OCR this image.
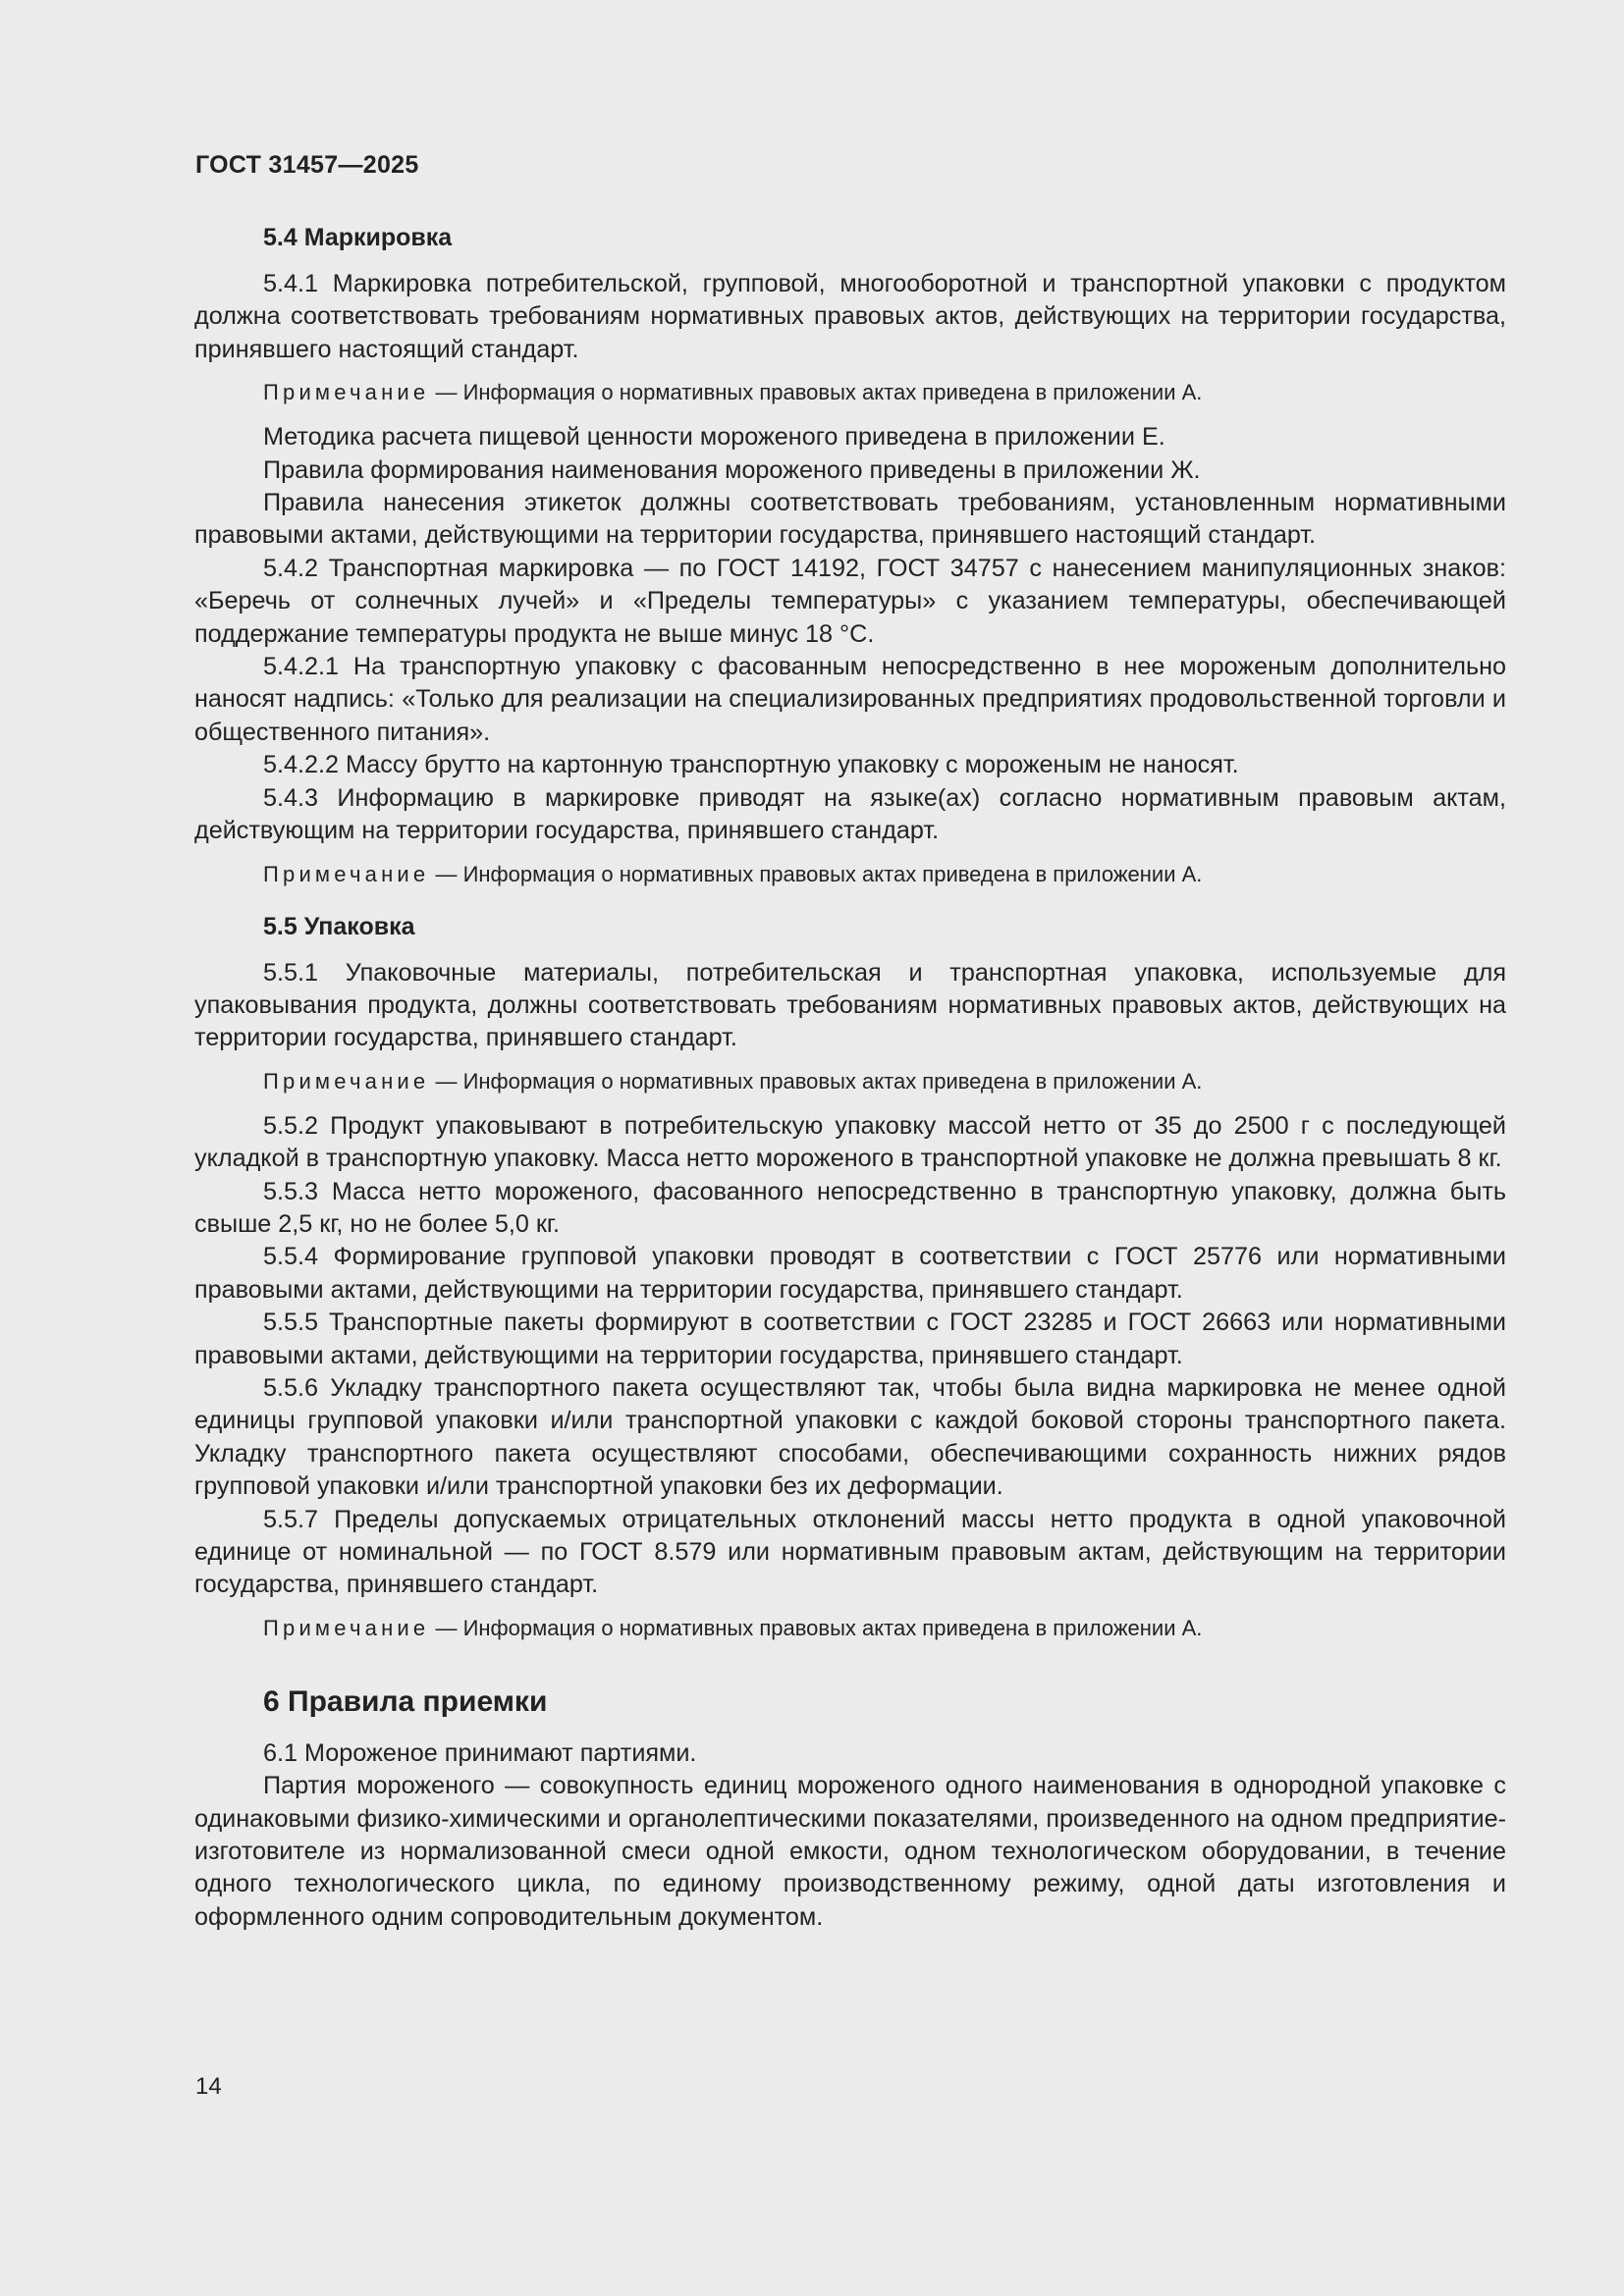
ГОСТ 31457—2025
5.4 Маркировка

5.4.1 Маркировка потребительской, групповой, многооборотной и транспортной упаковки с продуктом должна соответствовать требованиям нормативных правовых актов, действующих на территории государства, принявшего настоящий стандарт.

Примечание — Информация о нормативных правовых актах приведена в приложении А.

Методика расчета пищевой ценности мороженого приведена в приложении Е.

Правила формирования наименования мороженого приведены в приложении Ж.

Правила нанесения этикеток должны соответствовать требованиям, установленным нормативными правовыми актами, действующими на территории государства, принявшего настоящий стандарт.

5.4.2 Транспортная маркировка — по ГОСТ 14192, ГОСТ 34757 с нанесением манипуляционных знаков: «Беречь от солнечных лучей» и «Пределы температуры» с указанием температуры, обеспечивающей поддержание температуры продукта не выше минус 18 °С.

5.4.2.1 На транспортную упаковку с фасованным непосредственно в нее мороженым дополнительно наносят надпись: «Только для реализации на специализированных предприятиях продовольственной торговли и общественного питания».

5.4.2.2 Массу брутто на картонную транспортную упаковку с мороженым не наносят.

5.4.3 Информацию в маркировке приводят на языке(ах) согласно нормативным правовым актам, действующим на территории государства, принявшего стандарт.

Примечание — Информация о нормативных правовых актах приведена в приложении А.
5.5 Упаковка

5.5.1 Упаковочные материалы, потребительская и транспортная упаковка, используемые для упаковывания продукта, должны соответствовать требованиям нормативных правовых актов, действующих на территории государства, принявшего стандарт.

Примечание — Информация о нормативных правовых актах приведена в приложении А.

5.5.2 Продукт упаковывают в потребительскую упаковку массой нетто от 35 до 2500 г с последующей укладкой в транспортную упаковку. Масса нетто мороженого в транспортной упаковке не должна превышать 8 кг.

5.5.3 Масса нетто мороженого, фасованного непосредственно в транспортную упаковку, должна быть свыше 2,5 кг, но не более 5,0 кг.

5.5.4 Формирование групповой упаковки проводят в соответствии с ГОСТ 25776 или нормативными правовыми актами, действующими на территории государства, принявшего стандарт.

5.5.5 Транспортные пакеты формируют в соответствии с ГОСТ 23285 и ГОСТ 26663 или нормативными правовыми актами, действующими на территории государства, принявшего стандарт.

5.5.6 Укладку транспортного пакета осуществляют так, чтобы была видна маркировка не менее одной единицы групповой упаковки и/или транспортной упаковки с каждой боковой стороны транспортного пакета. Укладку транспортного пакета осуществляют способами, обеспечивающими сохранность нижних рядов групповой упаковки и/или транспортной упаковки без их деформации.

5.5.7 Пределы допускаемых отрицательных отклонений массы нетто продукта в одной упаковочной единице от номинальной — по ГОСТ 8.579 или нормативным правовым актам, действующим на территории государства, принявшего стандарт.

Примечание — Информация о нормативных правовых актах приведена в приложении А.
6 Правила приемки

6.1 Мороженое принимают партиями.

Партия мороженого — совокупность единиц мороженого одного наименования в однородной упаковке с одинаковыми физико-химическими и органолептическими показателями, произведенного на одном предприятие-изготовителе из нормализованной смеси одной емкости, одном технологическом оборудовании, в течение одного технологического цикла, по единому производственному режиму, одной даты изготовления и оформленного одним сопроводительным документом.

14
